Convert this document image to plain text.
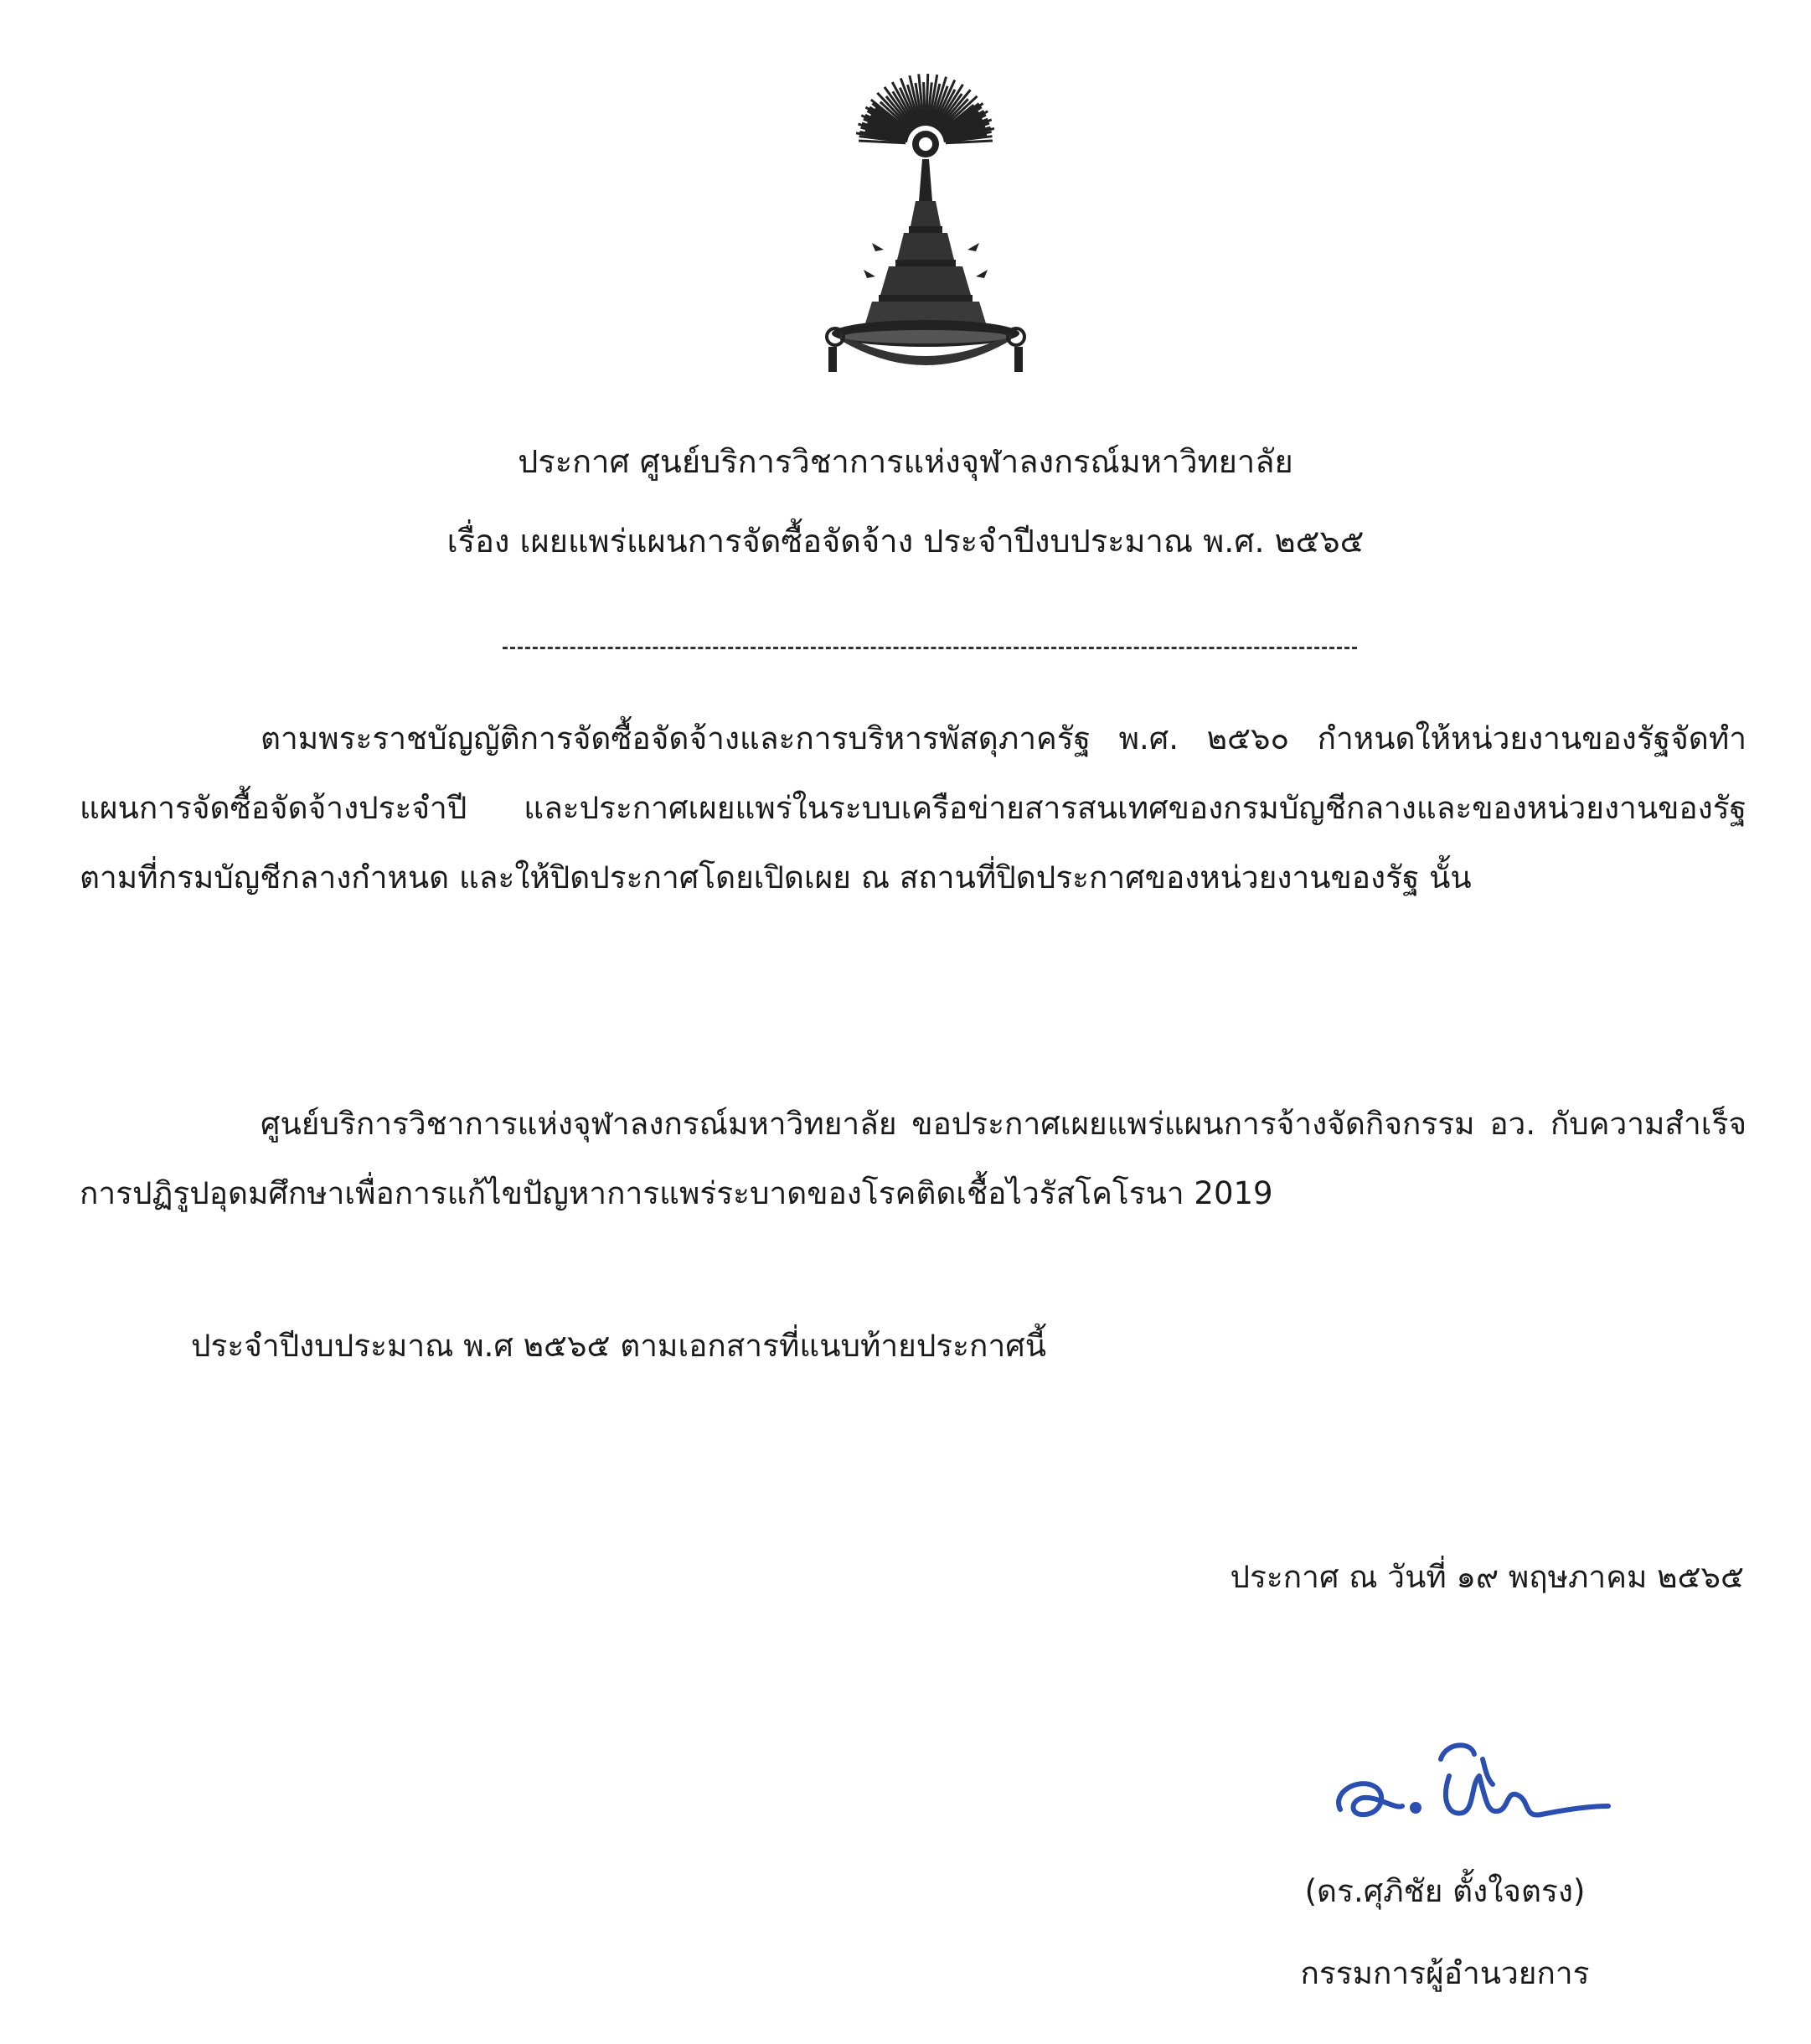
ประกาศ ศูนย์บริการวิชาการแห่งจุฬาลงกรณ์มหาวิทยาลัย
เรื่อง เผยแพร่แผนการจัดซื้อจัดจ้าง ประจำปีงบประมาณ พ.ศ. ๒๕๖๕

ตามพระราชบัญญัติการจัดซื้อจัดจ้างและการบริหารพัสดุภาครัฐ พ.ศ. ๒๕๖๐ กำหนดให้หน่วยงานของรัฐจัดทำแผนการจัดซื้อจัดจ้างประจำปี และประกาศเผยแพร่ในระบบเครือข่ายสารสนเทศของกรมบัญชีกลางและของหน่วยงานของรัฐตามที่กรมบัญชีกลางกำหนด และให้ปิดประกาศโดยเปิดเผย ณ สถานที่ปิดประกาศของหน่วยงานของรัฐ นั้น

ศูนย์บริการวิชาการแห่งจุฬาลงกรณ์มหาวิทยาลัย ขอประกาศเผยแพร่แผนการจ้างจัดกิจกรรม อว. กับความสำเร็จการปฏิรูปอุดมศึกษาเพื่อการแก้ไขปัญหาการแพร่ระบาดของโรคติดเชื้อไวรัสโคโรนา 2019

ประจำปีงบประมาณ พ.ศ ๒๕๖๕ ตามเอกสารที่แนบท้ายประกาศนี้
ประกาศ ณ วันที่ ๑๙ พฤษภาคม ๒๕๖๕
(ดร.ศุภิชัย ตั้งใจตรง)
กรรมการผู้อำนวยการ
